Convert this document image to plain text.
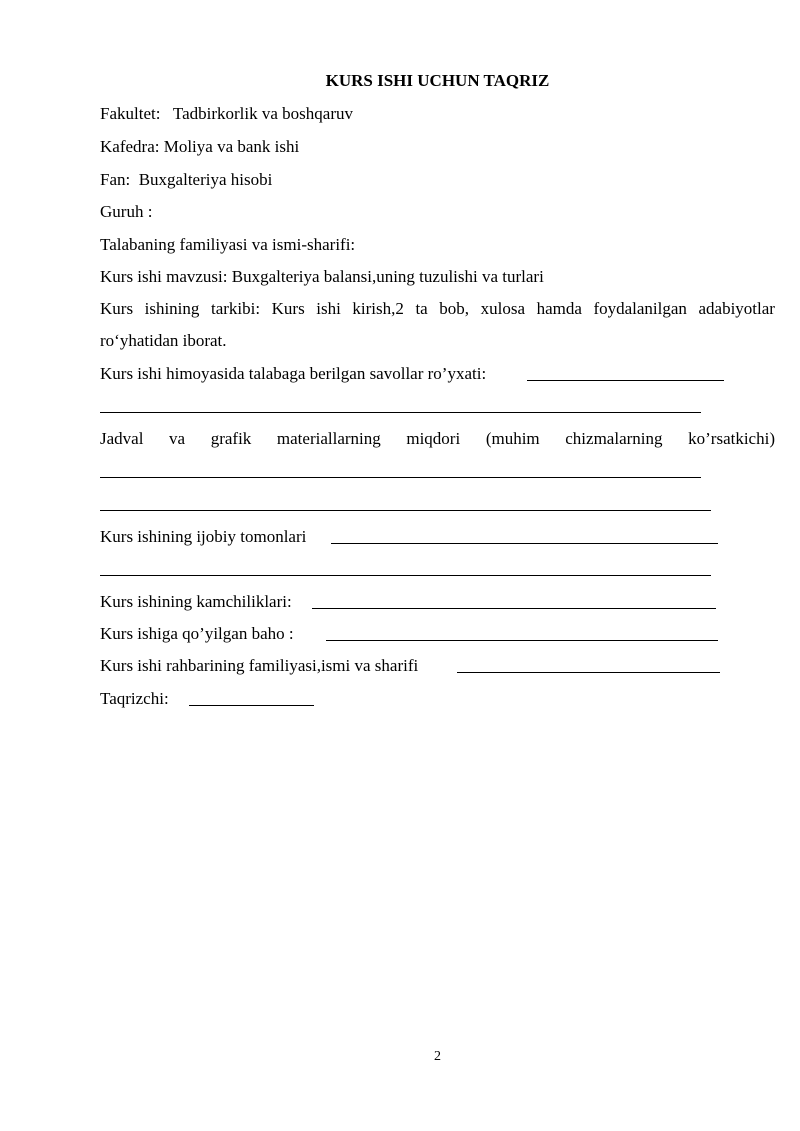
KURS ISHI UCHUN TAQRIZ
Fakultet:   Tadbirkorlik va boshqaruv
Kafedra: Moliya va bank ishi
Fan:  Buxgalteriya hisobi
Guruh :
Talabaning familiyasi va ismi-sharifi:
Kurs ishi mavzusi: Buxgalteriya balansi,uning tuzulishi va turlari
Kurs ishining tarkibi: Kurs ishi kirish,2 ta bob, xulosa hamda foydalanilgan adabiyotlar
ro‘yhatidan iborat.
Kurs ishi himoyasida talabaga berilgan savollar ro’yxati:
Jadval va grafik materiallarning miqdori (muhim chizmalarning ko’rsatkichi)
Kurs ishining ijobiy tomonlari
Kurs ishining kamchiliklari:
Kurs ishiga qo’yilgan baho :
Kurs ishi rahbarining familiyasi,ismi va sharifi
Taqrizchi:
2
